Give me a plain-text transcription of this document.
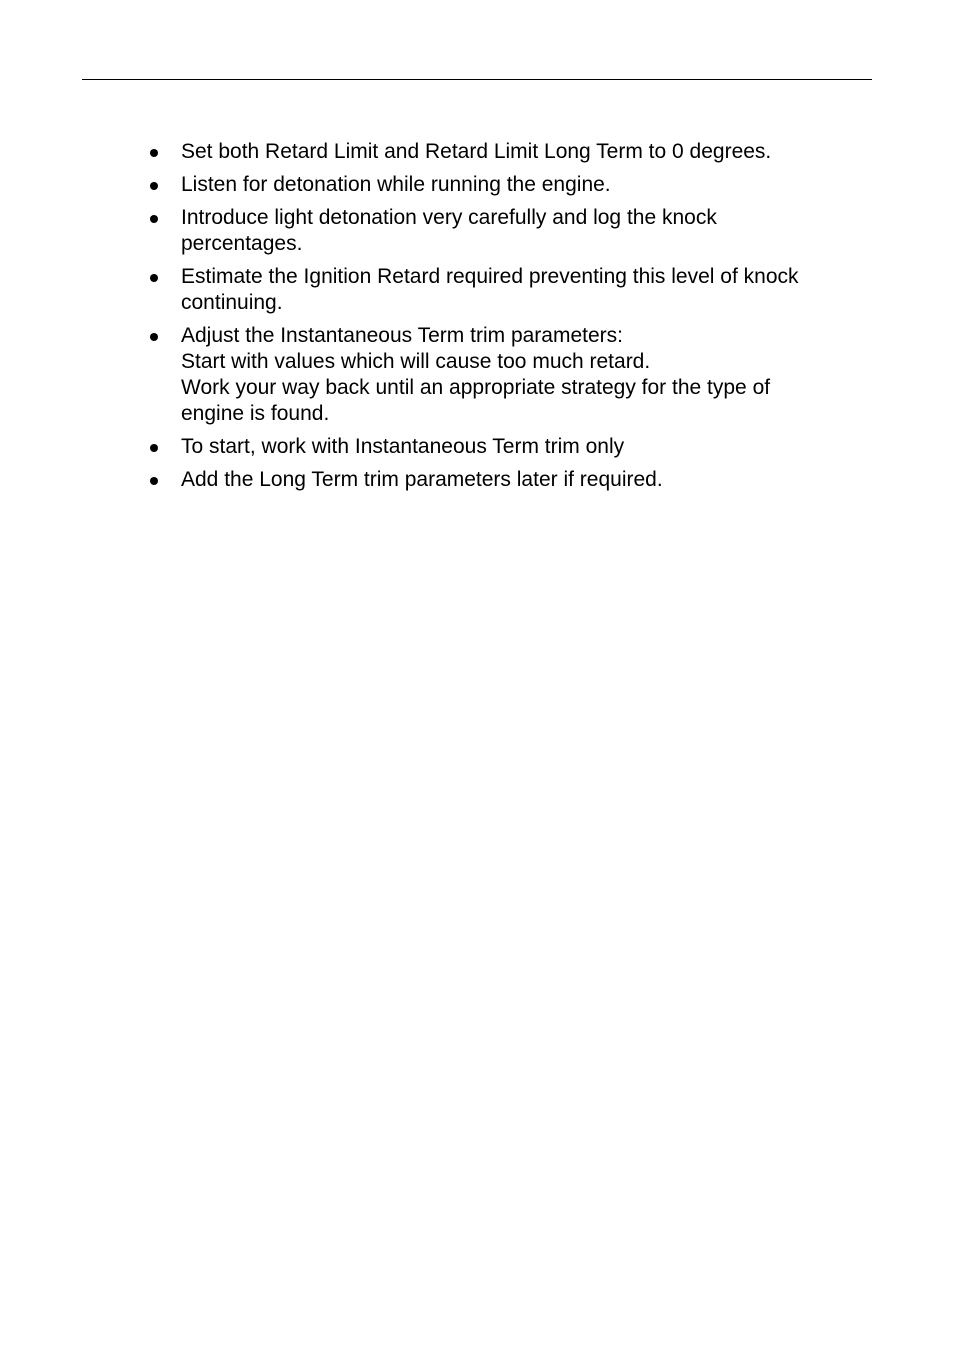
Set both Retard Limit and Retard Limit Long Term to 0 degrees.
Listen for detonation while running the engine.
Introduce light detonation very carefully and log the knock
percentages.
Estimate the Ignition Retard required preventing this level of knock
continuing.
Adjust the Instantaneous Term trim parameters:
Start with values which will cause too much retard.
Work your way back until an appropriate strategy for the type of
engine is found.
To start, work with Instantaneous Term trim only
Add the Long Term trim parameters later if required.
